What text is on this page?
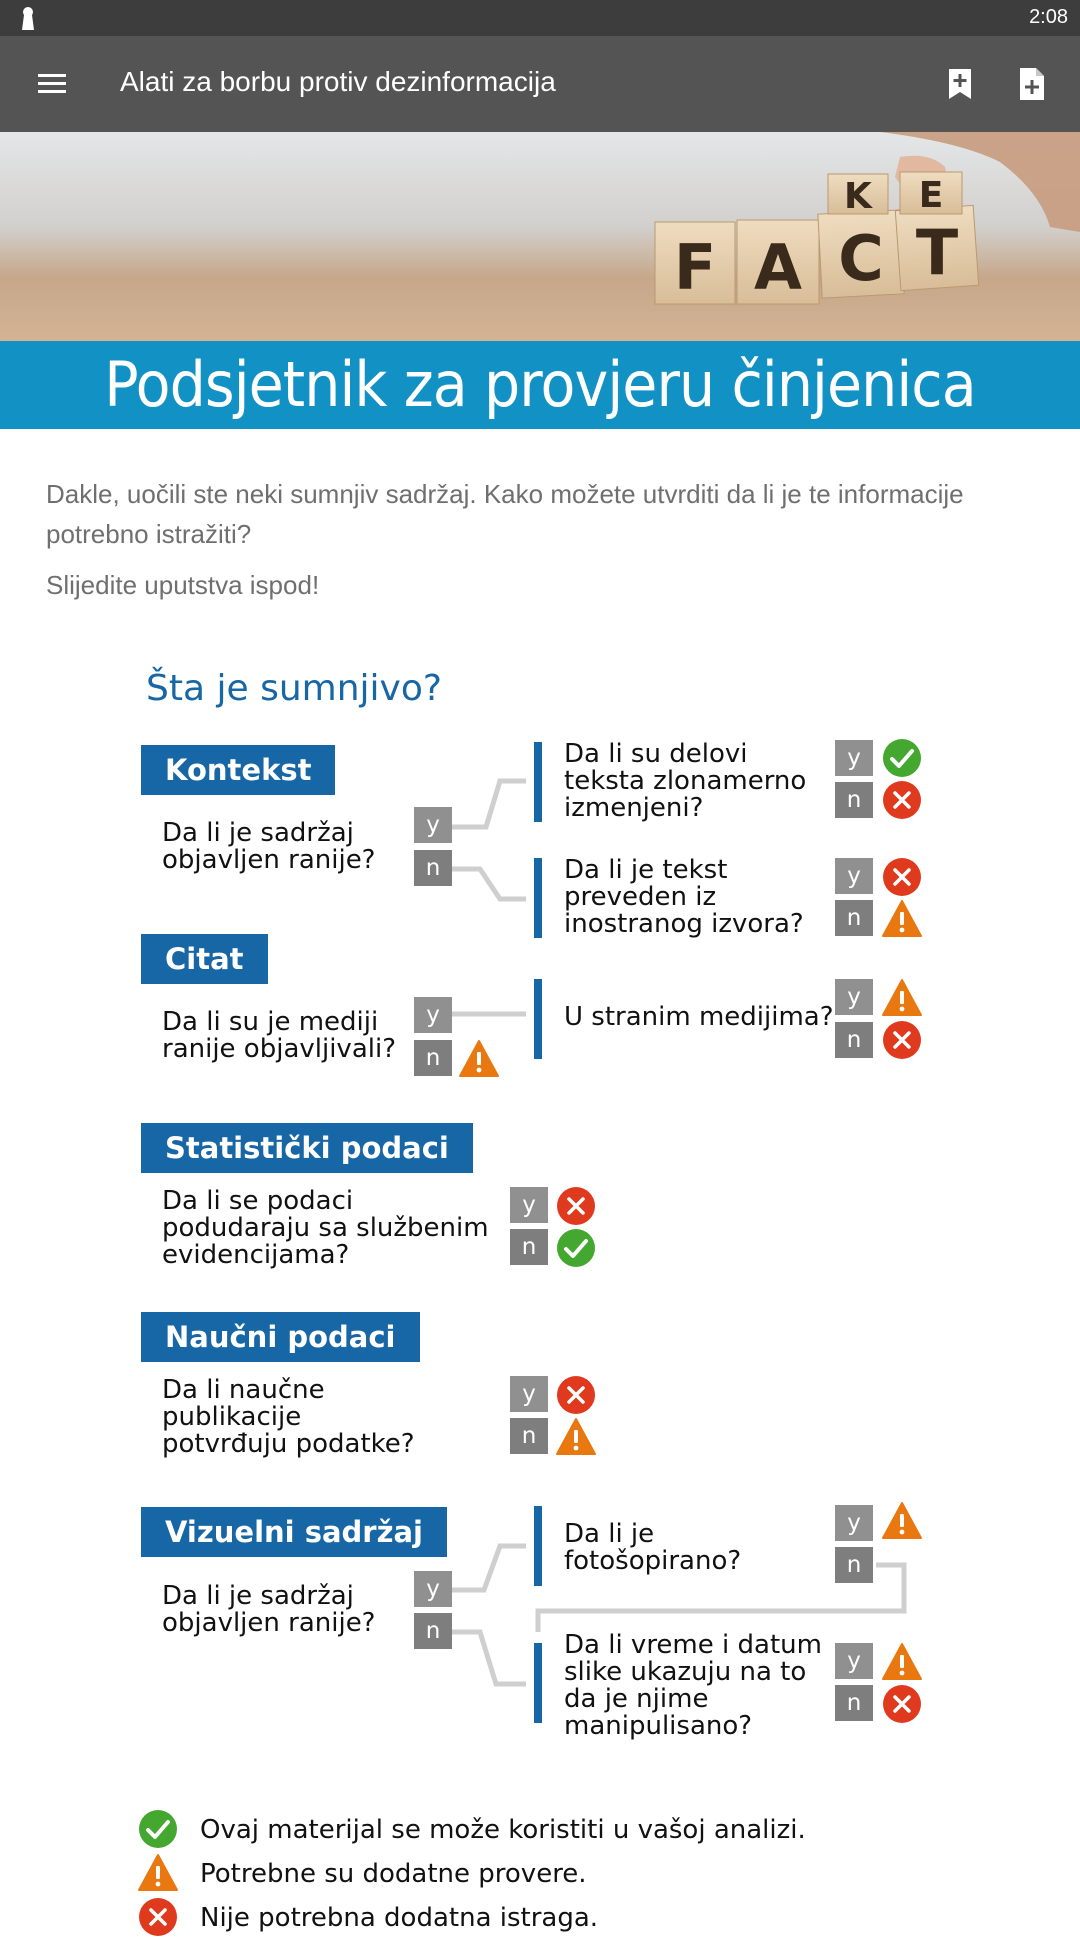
2:08
Alati za borbu protiv dezinformacija
F A C T
K E
Podsjetnik za provjeru činjenica
Dakle, uočili ste neki sumnjiv sadržaj. Kako možete utvrditi da li je te informacije potrebno istražiti?
Slijedite uputstva ispod!
Šta je sumnjivo?
Kontekst
Da li je sadržaj objavljen ranije?
y
n
Da li su delovi teksta zlonamerno izmenjeni?
y
n
Da li je tekst preveden iz inostranog izvora?
y
n
Citat
Da li su je mediji ranije objavljivali?
y
n
U stranim medijima?
y
n
Statistički podaci
Da li se podaci podudaraju sa službenim evidencijama?
y
n
Naučni podaci
Da li naučne publikacije potvrđuju podatke?
y
n
Vizuelni sadržaj
Da li je sadržaj objavljen ranije?
y
n
Da li je fotošopirano?
y
n
Da li vreme i datum slike ukazuju na to da je njime manipulisano?
y
n
Ovaj materijal se može koristiti u vašoj analizi.
Potrebne su dodatne provere.
Nije potrebna dodatna istraga.
